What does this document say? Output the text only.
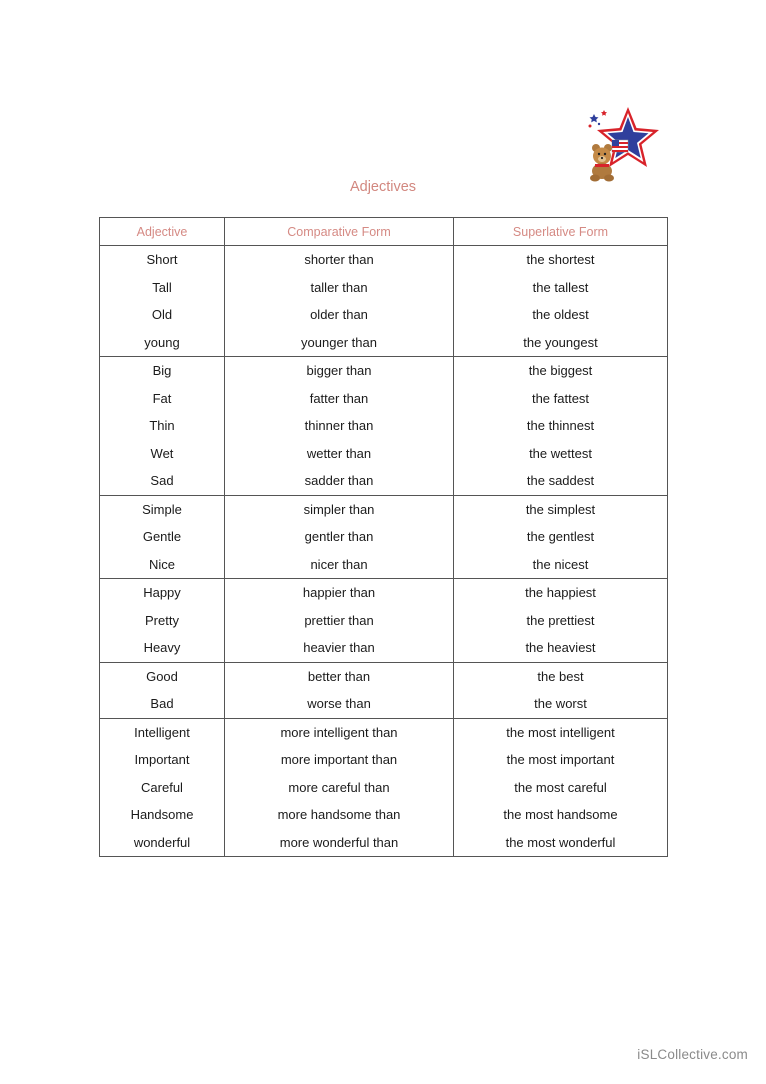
Adjectives
Adjective	Comparative Form	Superlative Form
Short	shorter than	the shortest
Tall	taller than	the tallest
Old	older than	the oldest
young	younger than	the youngest
Big	bigger than	the biggest
Fat	fatter than	the fattest
Thin	thinner than	the thinnest
Wet	wetter than	the wettest
Sad	sadder than	the saddest
Simple	simpler than	the simplest
Gentle	gentler than	the gentlest
Nice	nicer than	the nicest
Happy	happier than	the happiest
Pretty	prettier than	the prettiest
Heavy	heavier than	the heaviest
Good	better than	the best
Bad	worse than	the worst
Intelligent	more intelligent than	the most intelligent
Important	more important than	the most important
Careful	more careful than	the most careful
Handsome	more handsome than	the most handsome
wonderful	more wonderful than	the most wonderful
iSLCollective.com
